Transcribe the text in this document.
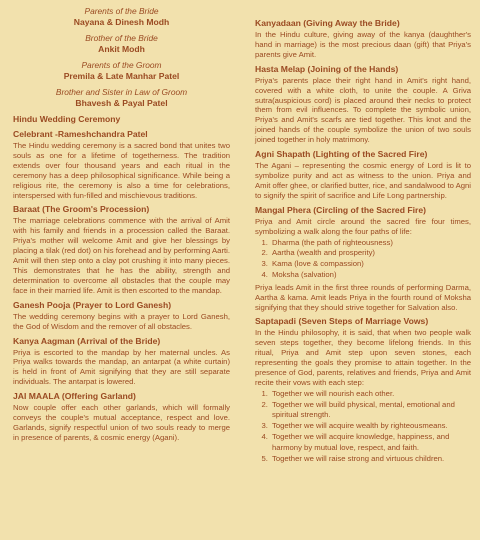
Parents of the Bride
Nayana & Dinesh Modh
Brother of the Bride
Ankit Modh
Parents of the Groom
Premila & Late Manhar Patel
Brother and Sister in Law of Groom
Bhavesh & Payal Patel
Hindu Wedding Ceremony
Celebrant -Rameshchandra Patel

The Hindu wedding ceremony is a sacred bond that unites two souls as one for a lifetime of togetherness. The tradition extends over four thousand years and each ritual in the ceremony has a deep philosophical significance. While being a religious rite, the ceremony is also a time for celebrations, interspersed with fun-filled and mischievous traditions.

Baraat (The Groom's Procession)

The marriage celebrations commence with the arrival of Amit with his family and friends in a procession called the Baraat. Priya's mother will welcome Amit and give her blessings by placing a tilak (red dot) on his forehead and by performing Aarti. Amit will then step onto a clay pot crushing it into many pieces. This demonstrates that he has the ability, strength and determination to overcome all obstacles that the couple may face in their married life. Amit is then escorted to the mandap.

Ganesh Pooja (Prayer to Lord Ganesh)

The wedding ceremony begins with a prayer to Lord Ganesh, the God of Wisdom and the remover of all obstacles.

Kanya Aagman (Arrival of the Bride)

Priya is escorted to the mandap by her maternal uncles. As Priya walks towards the mandap, an antarpat (a white curtain) is held in front of Amit signifying that they are still separate individuals. The antarpat is lowered.

JAI MAALA (Offering Garland)

Now couple offer each other garlands, which will formally conveys the couple's mutual acceptance, respect and love. Garlands, signify respectful union of two souls ready to merge in presence of parents, & cosmic energy (Agani).

Kanyadaan (Giving Away the Bride)

In the Hindu culture, giving away of the kanya (daughther's hand in marriage) is the most precious daan (gift) that Priya's parents give Amit.

Hasta Melap (Joining of the Hands)

Priya's parents place their right hand in Amit's right hand, covered with a white cloth, to unite the couple. A Griva sutra(auspicious cord) is placed around their necks to protect them from evil influences. To complete the symbolic union, Priya's and Amit's scarfs are tied together. This knot and the joined hands of the couple symbolize the union of two souls joined together in holy matrimony.

Agni Shapath (Lighting of the Sacred Fire)

The Agani – representing the cosmic energy of Lord is lit to symbolize purity and act as witness to the union. Priya and Amit offer ghee, or clarified butter, rice, and sandalwood to Agni to signify the spirit of sacrifice and Life Long partnership.

Mangal Phera (Circling of the Sacred Fire)

Priya and Amit circle around the sacred fire four times, symbolizing a walk along the four paths of life:

1. Dharma (the path of righteousness)
2. Aartha (wealth and prosperity)
3. Kama (love & compassion)
4. Moksha (salvation)

Priya leads Amit in the first three rounds of performing Darma, Aartha & kama. Amit leads Priya in the fourth round of Moksha signifying that they should strive together for Salvation also.

Saptapadi (Seven Steps of Marriage Vows)

In the Hindu philosophy, it is said, that when two people walk seven steps together, they become lifelong friends. In this ritual, Priya and Amit step upon seven stones, each representing the goals they promise to attain together. In the presence of God, parents, relatives and friends, Priya and Amit recite their vows with each step:

1. Together we will nourish each other.
2. Together we will build physical, mental, emotional and spiritual strength.
3. Together we will acquire wealth by righteousmeans.
4. Together we will acquire knowledge, happiness, and harmony by mutual love, respect, and faith.
5. Together we will raise strong and virtuous children.
